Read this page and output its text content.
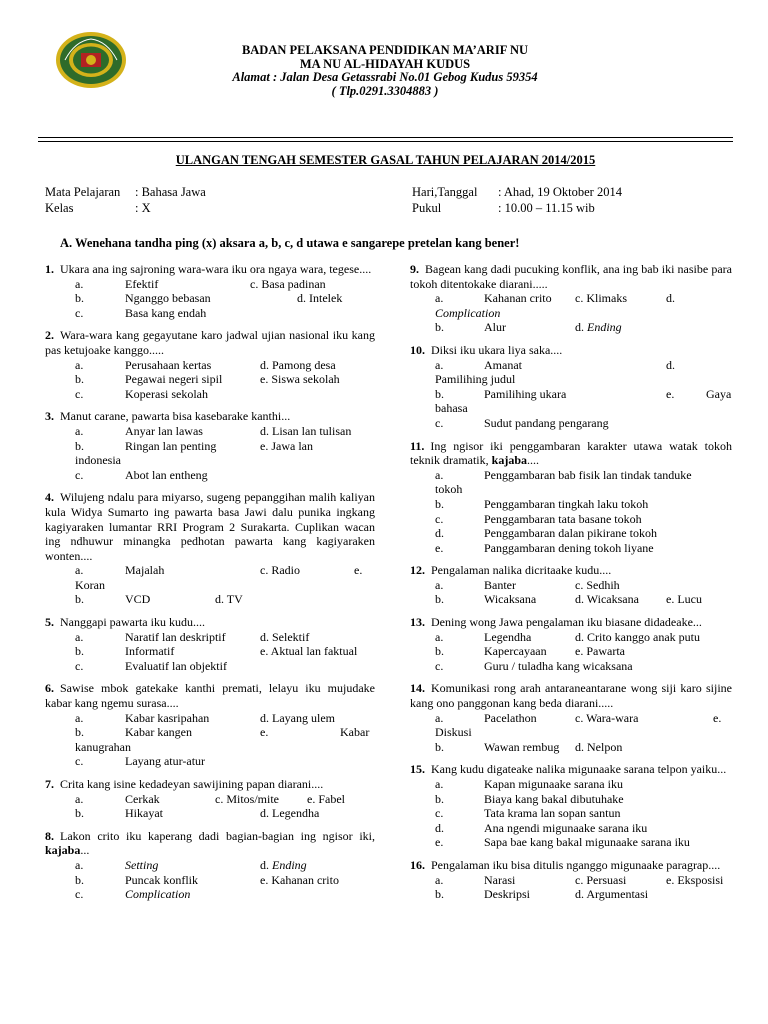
BADAN PELAKSANA PENDIDIKAN MA’ARIF NU
MA NU AL-HIDAYAH KUDUS
Alamat : Jalan Desa Getassrabi No.01 Gebog Kudus 59354
( Tlp.0291.3304883 )
ULANGAN TENGAH SEMESTER GASAL TAHUN PELAJARAN 2014/2015
Mata Pelajaran	: Bahasa Jawa
Kelas	: X
Hari,Tanggal	: Ahad, 19 Oktober 2014
Pukul	: 10.00 – 11.15 wib
A. Wenehana tandha ping (x) aksara a, b, c, d utawa e sangarepe pretelan kang bener!
1. Ukara ana ing sajroning wara-wara iku ora ngaya wara, tegese....
a.	Efektif	c. Basa padinan
b.	Nganggo bebasan	d. Intelek
c.	Basa kang endah
2. Wara-wara kang gegayutane karo jadwal ujian nasional iku kang pas ketujoake kanggo.....
a.	Perusahaan kertas	d. Pamong desa
b.	Pegawai negeri sipil	e. Siswa sekolah
c.	Koperasi sekolah
3. Manut carane, pawarta bisa kasebarake kanthi...
a.	Anyar lan lawas	d. Lisan lan tulisan
b.	Ringan lan penting	e. Jawa lan
indonesia
c.	Abot lan entheng
4. Wilujeng ndalu para miyarso, sugeng pepanggihan malih kaliyan kula Widya Sumarto ing pawarta basa Jawi dalu punika ingkang kagiyaraken lumantar RRI Program 2 Surakarta. Cuplikan wacan ing ndhuwur minangka pedhotan pawarta kang kagiyaraken wonten....
a.	Majalah	c. Radio	e.
Koran
b.	VCD	d. TV
5. Nanggapi pawarta iku kudu....
a.	Naratif lan deskriptif	d. Selektif
b.	Informatif	e. Aktual lan faktual
c.	Evaluatif lan objektif
6. Sawise mbok gatekake kanthi premati, lelayu iku mujudake kabar kang ngemu surasa....
a.	Kabar kasripahan	d. Layang ulem
b.	Kabar kangen	e.	Kabar
kanugrahan
c.	Layang atur-atur
7. Crita kang isine kedadeyan sawijining papan diarani....
a.	Cerkak	c. Mitos/mite e. Fabel
b.	Hikayat	d. Legendha
8. Lakon crito iku kaperang dadi bagian-bagian ing ngisor iki, kajaba...
a.	Setting	d. Ending
b.	Puncak konflik	e. Kahanan crito
c.	Complication
9. Bagean kang dadi pucuking konflik, ana ing bab iki nasibe para tokoh ditentokake diarani.....
a.	Kahanan crito c. Klimaks	d.
Complication
b.	Alur	d. Ending
10. Diksi iku ukara liya saka....
a.	Amanat	d.
Pamilihing judul
b.	Pamilihing ukara	e.	Gaya
bahasa
c.	Sudut pandang pengarang
11. Ing ngisor iki penggambaran karakter utawa watak tokoh teknik dramatik, kajaba....
a.	Penggambaran bab fisik lan tindak tanduke
tokoh
b.	Penggambaran tingkah laku tokoh
c.	Penggambaran tata basane tokoh
d.	Penggambaran dalan pikirane tokoh
e.	Panggambaran dening tokoh liyane
12. Pengalaman nalika dicritaake kudu....
a.	Banter	c. Sedhih
b.	Wicaksana	d. Wicaksana e. Lucu
13. Dening wong Jawa pengalaman iku biasane didadeake...
a.	Legendha	d. Crito kanggo anak putu
b.	Kapercayaan e. Pawarta
c.	Guru / tuladha kang wicaksana
14. Komunikasi rong arah antaraneantarane wong siji karo sijine kang ono panggonan kang beda diarani.....
a.	Pacelathon	c. Wara-wara	e.
Diskusi
b.	Wawan rembug d. Nelpon
15. Kang kudu digateake nalika migunaake sarana telpon yaiku...
a.	Kapan migunaake sarana iku
b.	Biaya kang bakal dibutuhake
c.	Tata krama lan sopan santun
d.	Ana ngendi migunaake sarana iku
e.	Sapa bae kang bakal migunaake sarana iku
16. Pengalaman iku bisa ditulis nganggo migunaake paragrap....
a.	Narasi	c. Persuasi	e. Eksposisi
b.	Deskripsi	d. Argumentasi
